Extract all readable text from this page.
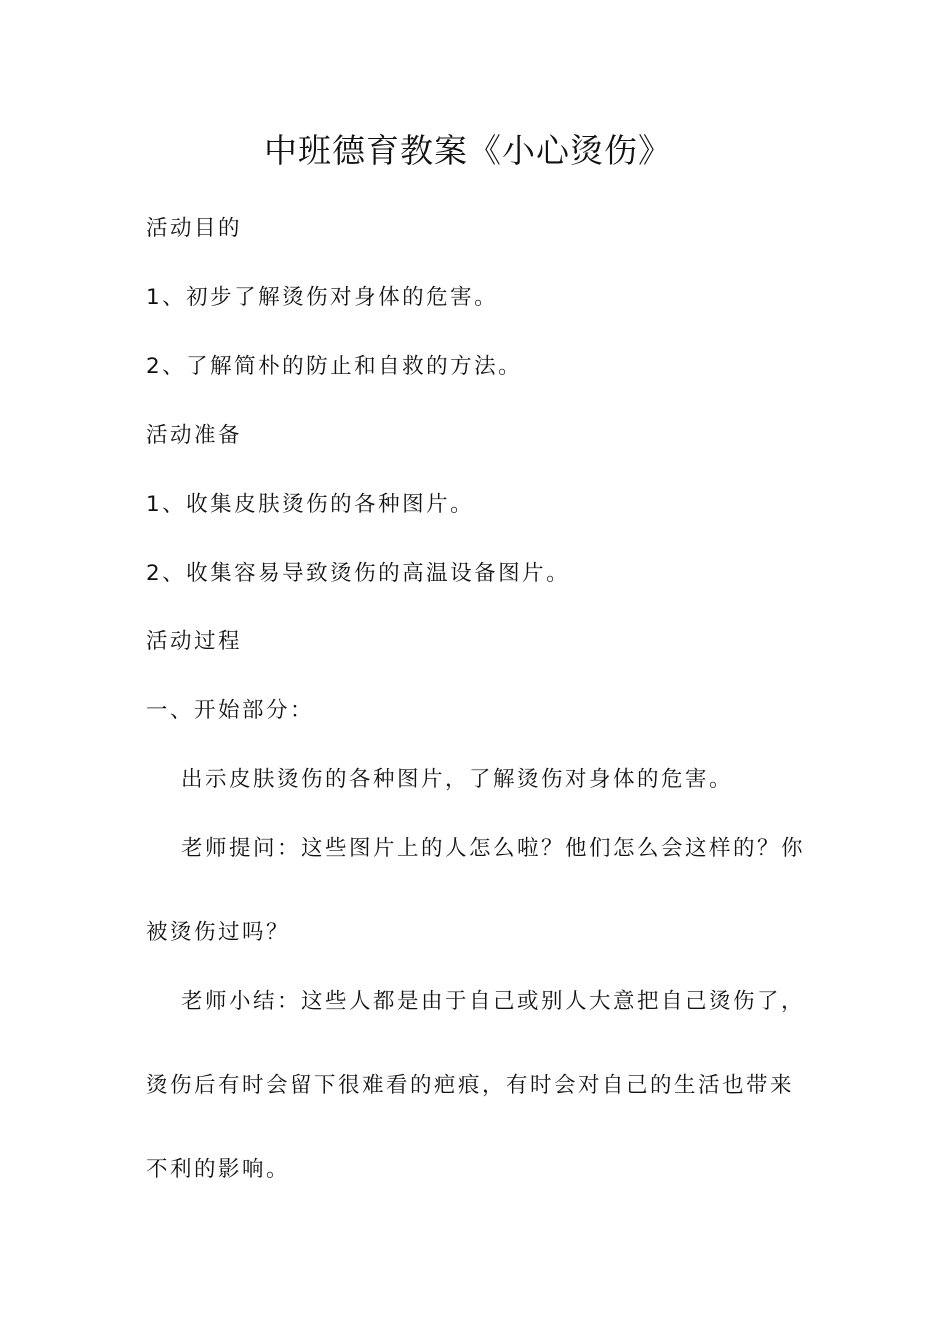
中班德育教案《小心烫伤》
活动目的
1、初步了解烫伤对身体的危害。
2、了解简朴的防止和自救的方法。
活动准备
1、收集皮肤烫伤的各种图片。
2、收集容易导致烫伤的高温设备图片。
活动过程
一、开始部分：
出示皮肤烫伤的各种图片，了解烫伤对身体的危害。
老师提问：这些图片上的人怎么啦？他们怎么会这样的？你
被烫伤过吗？
老师小结：这些人都是由于自己或别人大意把自己烫伤了，
烫伤后有时会留下很难看的疤痕，有时会对自己的生活也带来
不利的影响。
